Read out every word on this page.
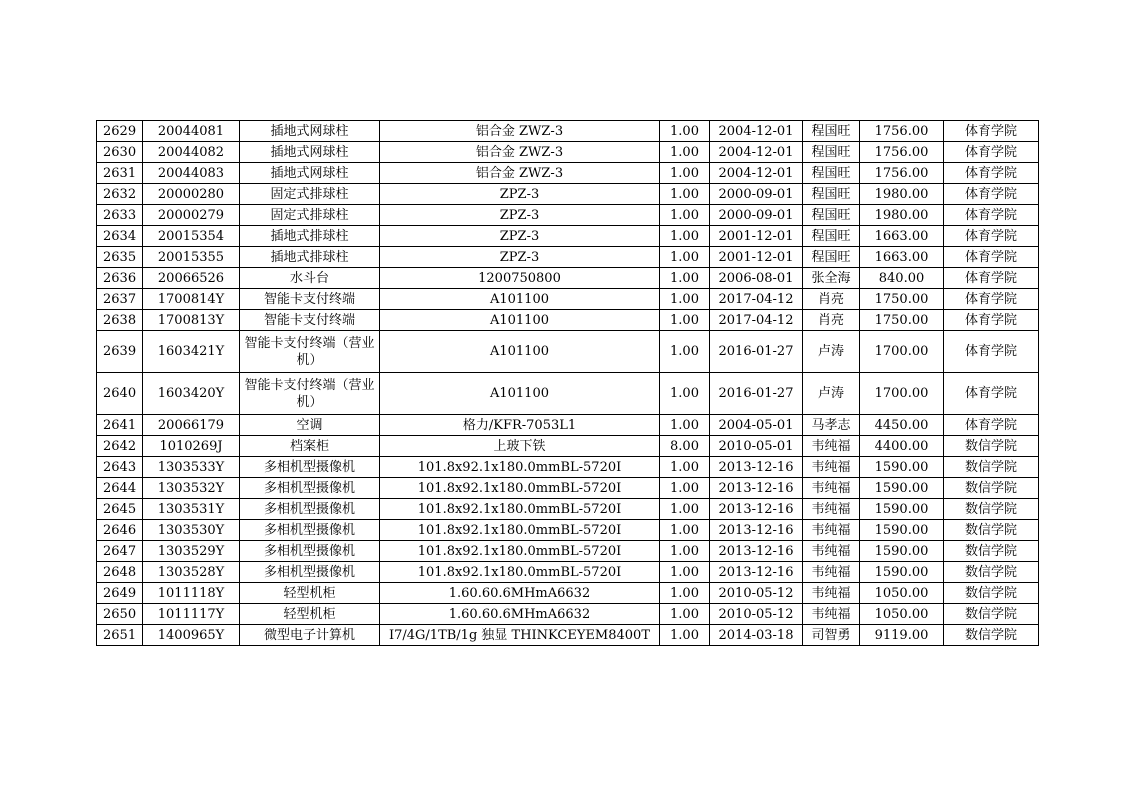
2629	20044081	插地式网球柱	铝合金 ZWZ-3	1.00	2004-12-01	程国旺	1756.00	体育学院
2630	20044082	插地式网球柱	铝合金 ZWZ-3	1.00	2004-12-01	程国旺	1756.00	体育学院
2631	20044083	插地式网球柱	铝合金 ZWZ-3	1.00	2004-12-01	程国旺	1756.00	体育学院
2632	20000280	固定式排球柱	ZPZ-3	1.00	2000-09-01	程国旺	1980.00	体育学院
2633	20000279	固定式排球柱	ZPZ-3	1.00	2000-09-01	程国旺	1980.00	体育学院
2634	20015354	插地式排球柱	ZPZ-3	1.00	2001-12-01	程国旺	1663.00	体育学院
2635	20015355	插地式排球柱	ZPZ-3	1.00	2001-12-01	程国旺	1663.00	体育学院
2636	20066526	水斗台	1200750800	1.00	2006-08-01	张全海	840.00	体育学院
2637	1700814Y	智能卡支付终端	A101100	1.00	2017-04-12	肖亮	1750.00	体育学院
2638	1700813Y	智能卡支付终端	A101100	1.00	2017-04-12	肖亮	1750.00	体育学院
2639	1603421Y	智能卡支付终端（营业机）	A101100	1.00	2016-01-27	卢涛	1700.00	体育学院
2640	1603420Y	智能卡支付终端（营业机）	A101100	1.00	2016-01-27	卢涛	1700.00	体育学院
2641	20066179	空调	格力/KFR-7053L1	1.00	2004-05-01	马孝志	4450.00	体育学院
2642	1010269J	档案柜	上玻下铁	8.00	2010-05-01	韦纯福	4400.00	数信学院
2643	1303533Y	多相机型摄像机	101.8x92.1x180.0mmBL-5720I	1.00	2013-12-16	韦纯福	1590.00	数信学院
2644	1303532Y	多相机型摄像机	101.8x92.1x180.0mmBL-5720I	1.00	2013-12-16	韦纯福	1590.00	数信学院
2645	1303531Y	多相机型摄像机	101.8x92.1x180.0mmBL-5720I	1.00	2013-12-16	韦纯福	1590.00	数信学院
2646	1303530Y	多相机型摄像机	101.8x92.1x180.0mmBL-5720I	1.00	2013-12-16	韦纯福	1590.00	数信学院
2647	1303529Y	多相机型摄像机	101.8x92.1x180.0mmBL-5720I	1.00	2013-12-16	韦纯福	1590.00	数信学院
2648	1303528Y	多相机型摄像机	101.8x92.1x180.0mmBL-5720I	1.00	2013-12-16	韦纯福	1590.00	数信学院
2649	1011118Y	轻型机柜	1.60.60.6MHmA6632	1.00	2010-05-12	韦纯福	1050.00	数信学院
2650	1011117Y	轻型机柜	1.60.60.6MHmA6632	1.00	2010-05-12	韦纯福	1050.00	数信学院
2651	1400965Y	微型电子计算机	I7/4G/1TB/1g 独显 THINKCEYEM8400T	1.00	2014-03-18	司智勇	9119.00	数信学院
